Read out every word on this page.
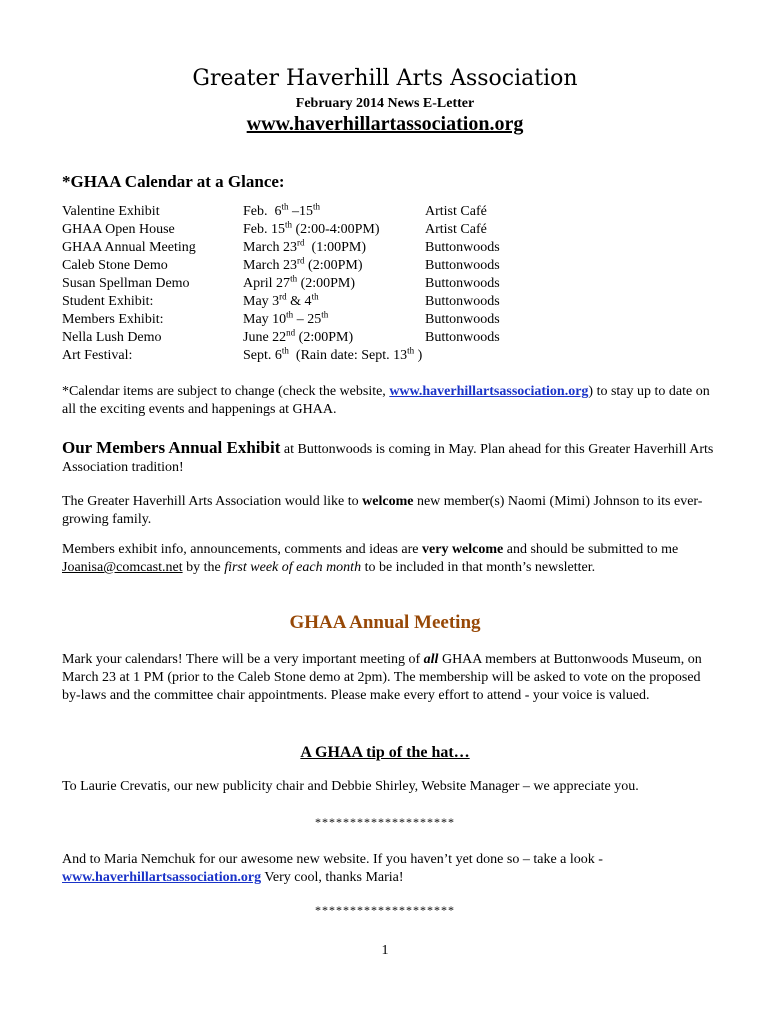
Greater Haverhill Arts Association
February 2014 News E-Letter
www.haverhillartassociation.org
*GHAA Calendar at a Glance:
Valentine Exhibit	Feb.  6th –15th	Artist Café
GHAA Open House	Feb. 15th (2:00-4:00PM)	Artist Café
GHAA Annual Meeting	March 23rd  (1:00PM)	Buttonwoods
Caleb Stone Demo	March 23rd (2:00PM)	Buttonwoods
Susan Spellman Demo	April 27th (2:00PM)	Buttonwoods
Student Exhibit:	May 3rd & 4th	Buttonwoods
Members Exhibit:	May 10th – 25th	Buttonwoods
Nella Lush Demo	June 22nd (2:00PM)	Buttonwoods
Art Festival:	Sept. 6th  (Rain date: Sept. 13th )
*Calendar items are subject to change (check the website, www.haverhillartsassociation.org) to stay up to date on all the exciting events and happenings at GHAA.
Our Members Annual Exhibit at Buttonwoods is coming in May. Plan ahead for this Greater Haverhill Arts Association tradition!
The Greater Haverhill Arts Association would like to welcome new member(s) Naomi (Mimi) Johnson to its ever-growing family.
Members exhibit info, announcements, comments and ideas are very welcome and should be submitted to me Joanisa@comcast.net by the first week of each month to be included in that month’s newsletter.
GHAA Annual Meeting
Mark your calendars! There will be a very important meeting of all GHAA members at Buttonwoods Museum, on March 23 at 1 PM (prior to the Caleb Stone demo at 2pm). The membership will be asked to vote on the proposed by-laws and the committee chair appointments. Please make every effort to attend - your voice is valued.
A GHAA tip of the hat…
To Laurie Crevatis, our new publicity chair and Debbie Shirley, Website Manager – we appreciate you.
********************
And to Maria Nemchuk for our awesome new website. If you haven’t yet done so – take a look - www.haverhillartsassociation.org Very cool, thanks Maria!
********************
1
